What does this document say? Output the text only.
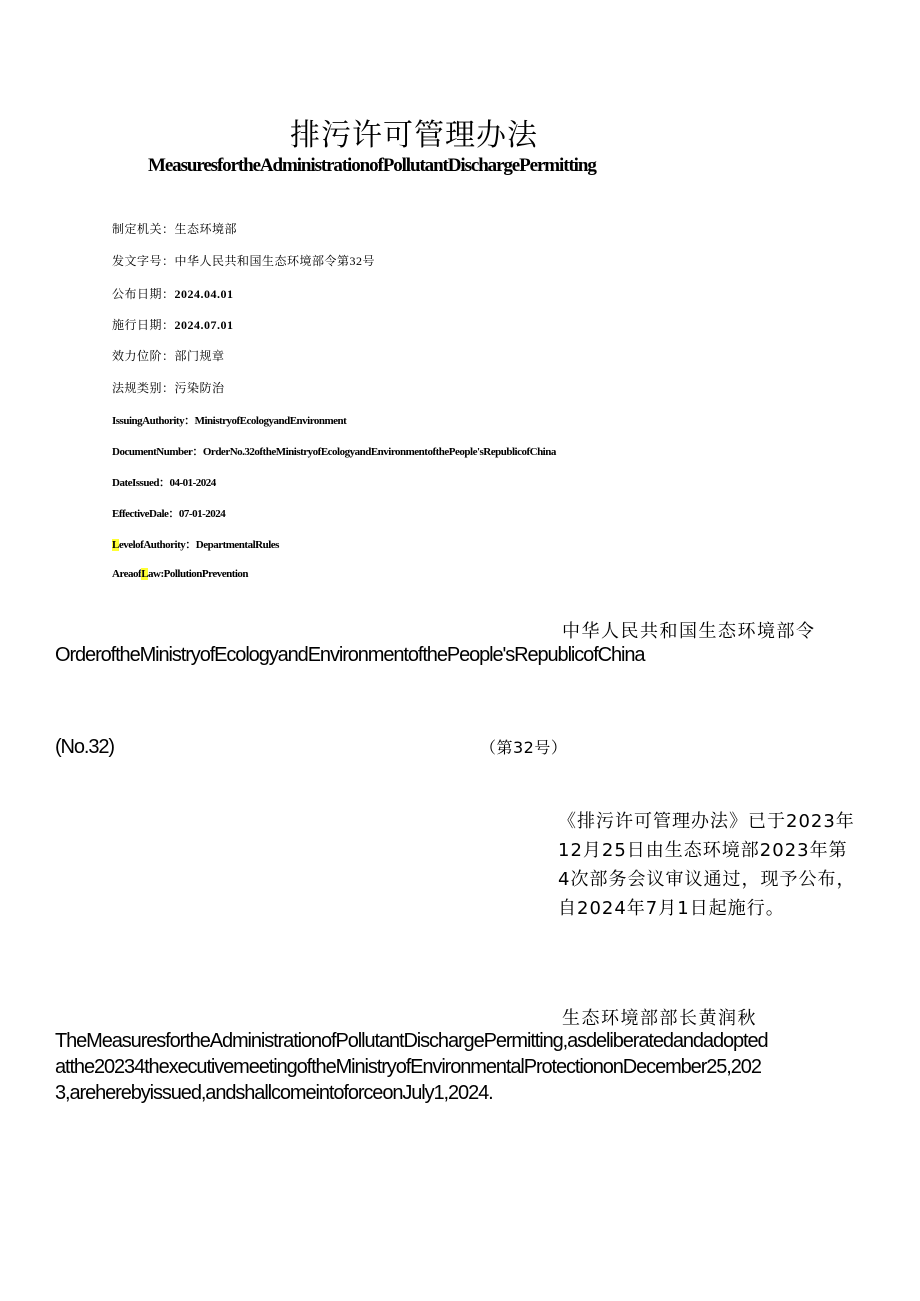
排污许可管理办法
MeasuresfortheAdministrationofPollutantDischargePermitting
制定机关：生态环境部
发文字号：中华人民共和国生态环境部令第32号
公布日期：2024.04.01
施行日期：2024.07.01
效力位阶：部门规章
法规类别：污染防治
IssuingAuthority：MinistryofEcologyandEnvironment
DocumentNumber：OrderNo.32oftheMinistryofEcologyandEnvironmentofthePeople'sRepublicofChina
DateIssued：04-01-2024
EffectiveDale：07-01-2024
LevelofAuthority：DepartmentalRules
AreaofLaw:PollutionPrevention
中华人民共和国生态环境部令
OrderoftheMinistryofEcologyandEnvironmentofthePeople'sRepublicofChina
(No.32)	（第32号）
《排污许可管理办法》已于2023年12月25日由生态环境部2023年第4次部务会议审议通过，现予公布，自2024年7月1日起施行。
生态环境部部长黄润秋
TheMeasuresfortheAdministrationofPollutantDischargePermitting,asdeliberatedandadoptedatthe20234thexecutivemeetingoftheMinistryofEnvironmentalProtectiononDecember25,2023,areherebyissued,andshallcomeintoforceonJuly1,2024.
